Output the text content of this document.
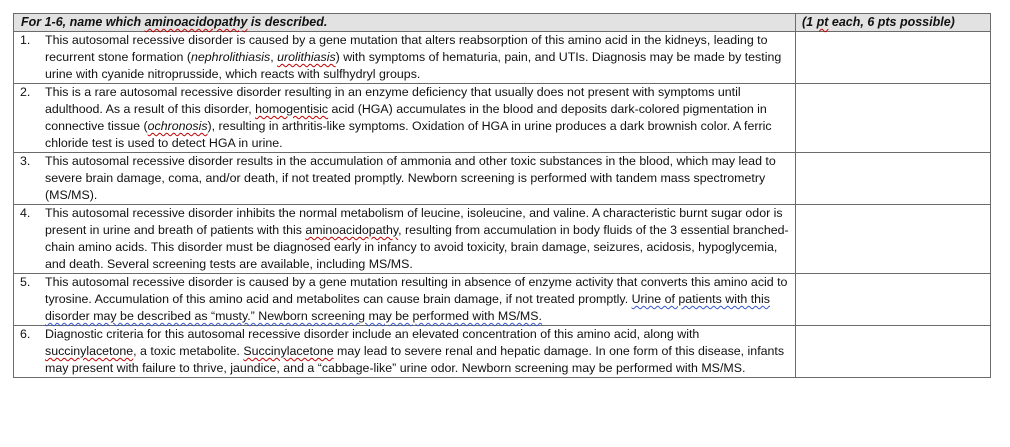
For 1-6, name which aminoacidopathy is described.	(1 pt each, 6 pts possible)

1. This autosomal recessive disorder is caused by a gene mutation that alters reabsorption of this amino acid in the kidneys, leading to recurrent stone formation (nephrolithiasis, urolithiasis) with symptoms of hematuria, pain, and UTIs. Diagnosis may be made by testing urine with cyanide nitroprusside, which reacts with sulfhydryl groups.	

2. This is a rare autosomal recessive disorder resulting in an enzyme deficiency that usually does not present with symptoms until adulthood. As a result of this disorder, homogentisic acid (HGA) accumulates in the blood and deposits dark-colored pigmentation in connective tissue (ochronosis), resulting in arthritis-like symptoms. Oxidation of HGA in urine produces a dark brownish color. A ferric chloride test is used to detect HGA in urine.	

3. This autosomal recessive disorder results in the accumulation of ammonia and other toxic substances in the blood, which may lead to severe brain damage, coma, and/or death, if not treated promptly. Newborn screening is performed with tandem mass spectrometry (MS/MS).	

4. This autosomal recessive disorder inhibits the normal metabolism of leucine, isoleucine, and valine. A characteristic burnt sugar odor is present in urine and breath of patients with this aminoacidopathy, resulting from accumulation in body fluids of the 3 essential branched-chain amino acids. This disorder must be diagnosed early in infancy to avoid toxicity, brain damage, seizures, acidosis, hypoglycemia, and death. Several screening tests are available, including MS/MS.	

5. This autosomal recessive disorder is caused by a gene mutation resulting in absence of enzyme activity that converts this amino acid to tyrosine. Accumulation of this amino acid and metabolites can cause brain damage, if not treated promptly. Urine of patients with this disorder may be described as “musty.” Newborn screening may be performed with MS/MS.	

6. Diagnostic criteria for this autosomal recessive disorder include an elevated concentration of this amino acid, along with succinylacetone, a toxic metabolite. Succinylacetone may lead to severe renal and hepatic damage. In one form of this disease, infants may present with failure to thrive, jaundice, and a “cabbage-like” urine odor. Newborn screening may be performed with MS/MS.	
